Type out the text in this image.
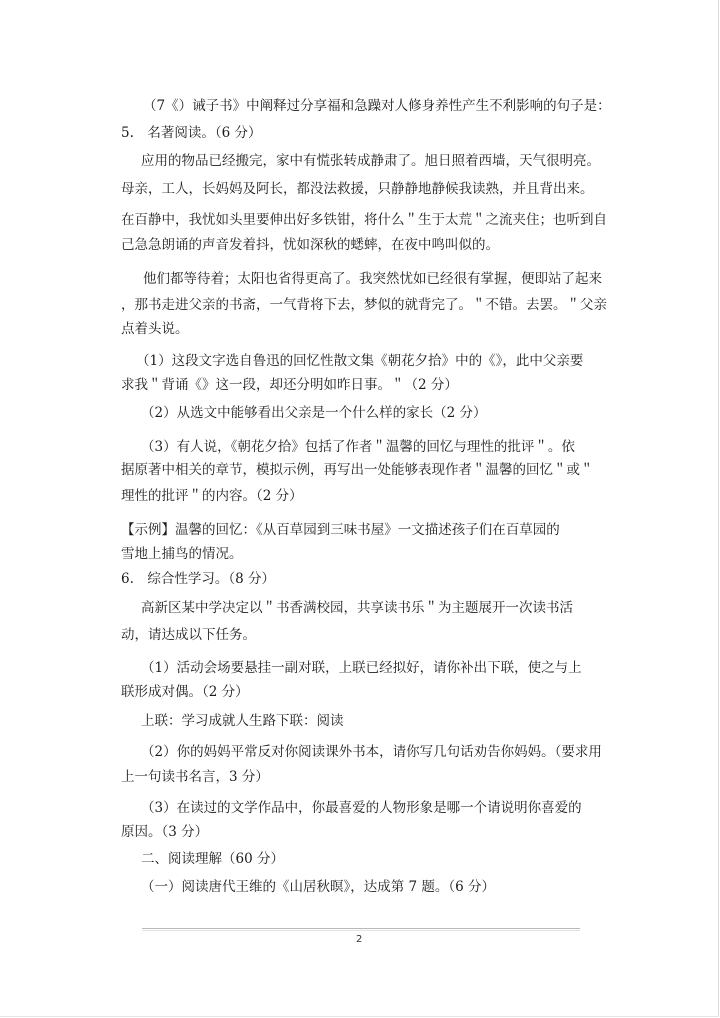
（7《）诫子书》中阐释过分享福和急躁对人修身养性产生不利影响的句子是：
5.　名著阅读。（6 分）
应用的物品已经搬完，家中有慌张转成静肃了。旭日照着西墙，天气很明亮。
母亲，工人，长妈妈及阿长，都没法救援，只静静地静候我读熟，并且背出来。
在百静中，我忧如头里要伸出好多铁钳，将什么＂生于太荒＂之流夹住；也听到自
己急急朗诵的声音发着抖，忧如深秋的蟋蟀，在夜中鸣叫似的。
他们都等待着；太阳也省得更高了。我突然忧如已经很有掌握，便即站了起来
，那书走进父亲的书斋，一气背将下去，梦似的就背完了。＂不错。去罢。＂父亲
点着头说。
（1）这段文字选自鲁迅的回忆性散文集《朝花夕拾》中的《》，此中父亲要
求我＂背诵《》这一段，却还分明如昨日事。＂（2 分）
（2）从选文中能够看出父亲是一个什么样的家长（2 分）
（3）有人说，《朝花夕拾》包括了作者＂温馨的回忆与理性的批评＂。依
据原著中相关的章节，模拟示例，再写出一处能够表现作者＂温馨的回忆＂或＂
理性的批评＂的内容。（2 分）
【示例】温馨的回忆：《从百草园到三味书屋》一文描述孩子们在百草园的
雪地上捕鸟的情况。
6.　综合性学习。（8 分）
高新区某中学决定以＂书香满校园，共享读书乐＂为主题展开一次读书活
动，请达成以下任务。
（1）活动会场要悬挂一副对联，上联已经拟好，请你补出下联，使之与上
联形成对偶。（2 分）
上联：学习成就人生路下联：阅读
（2）你的妈妈平常反对你阅读课外书本，请你写几句话劝告你妈妈。（要求用
上一句读书名言，3 分）
（3）在读过的文学作品中，你最喜爱的人物形象是哪一个请说明你喜爱的
原因。（3 分）
二、阅读理解（60 分）
（一）阅读唐代王维的《山居秋暝》，达成第 7 题。（6 分）
2
